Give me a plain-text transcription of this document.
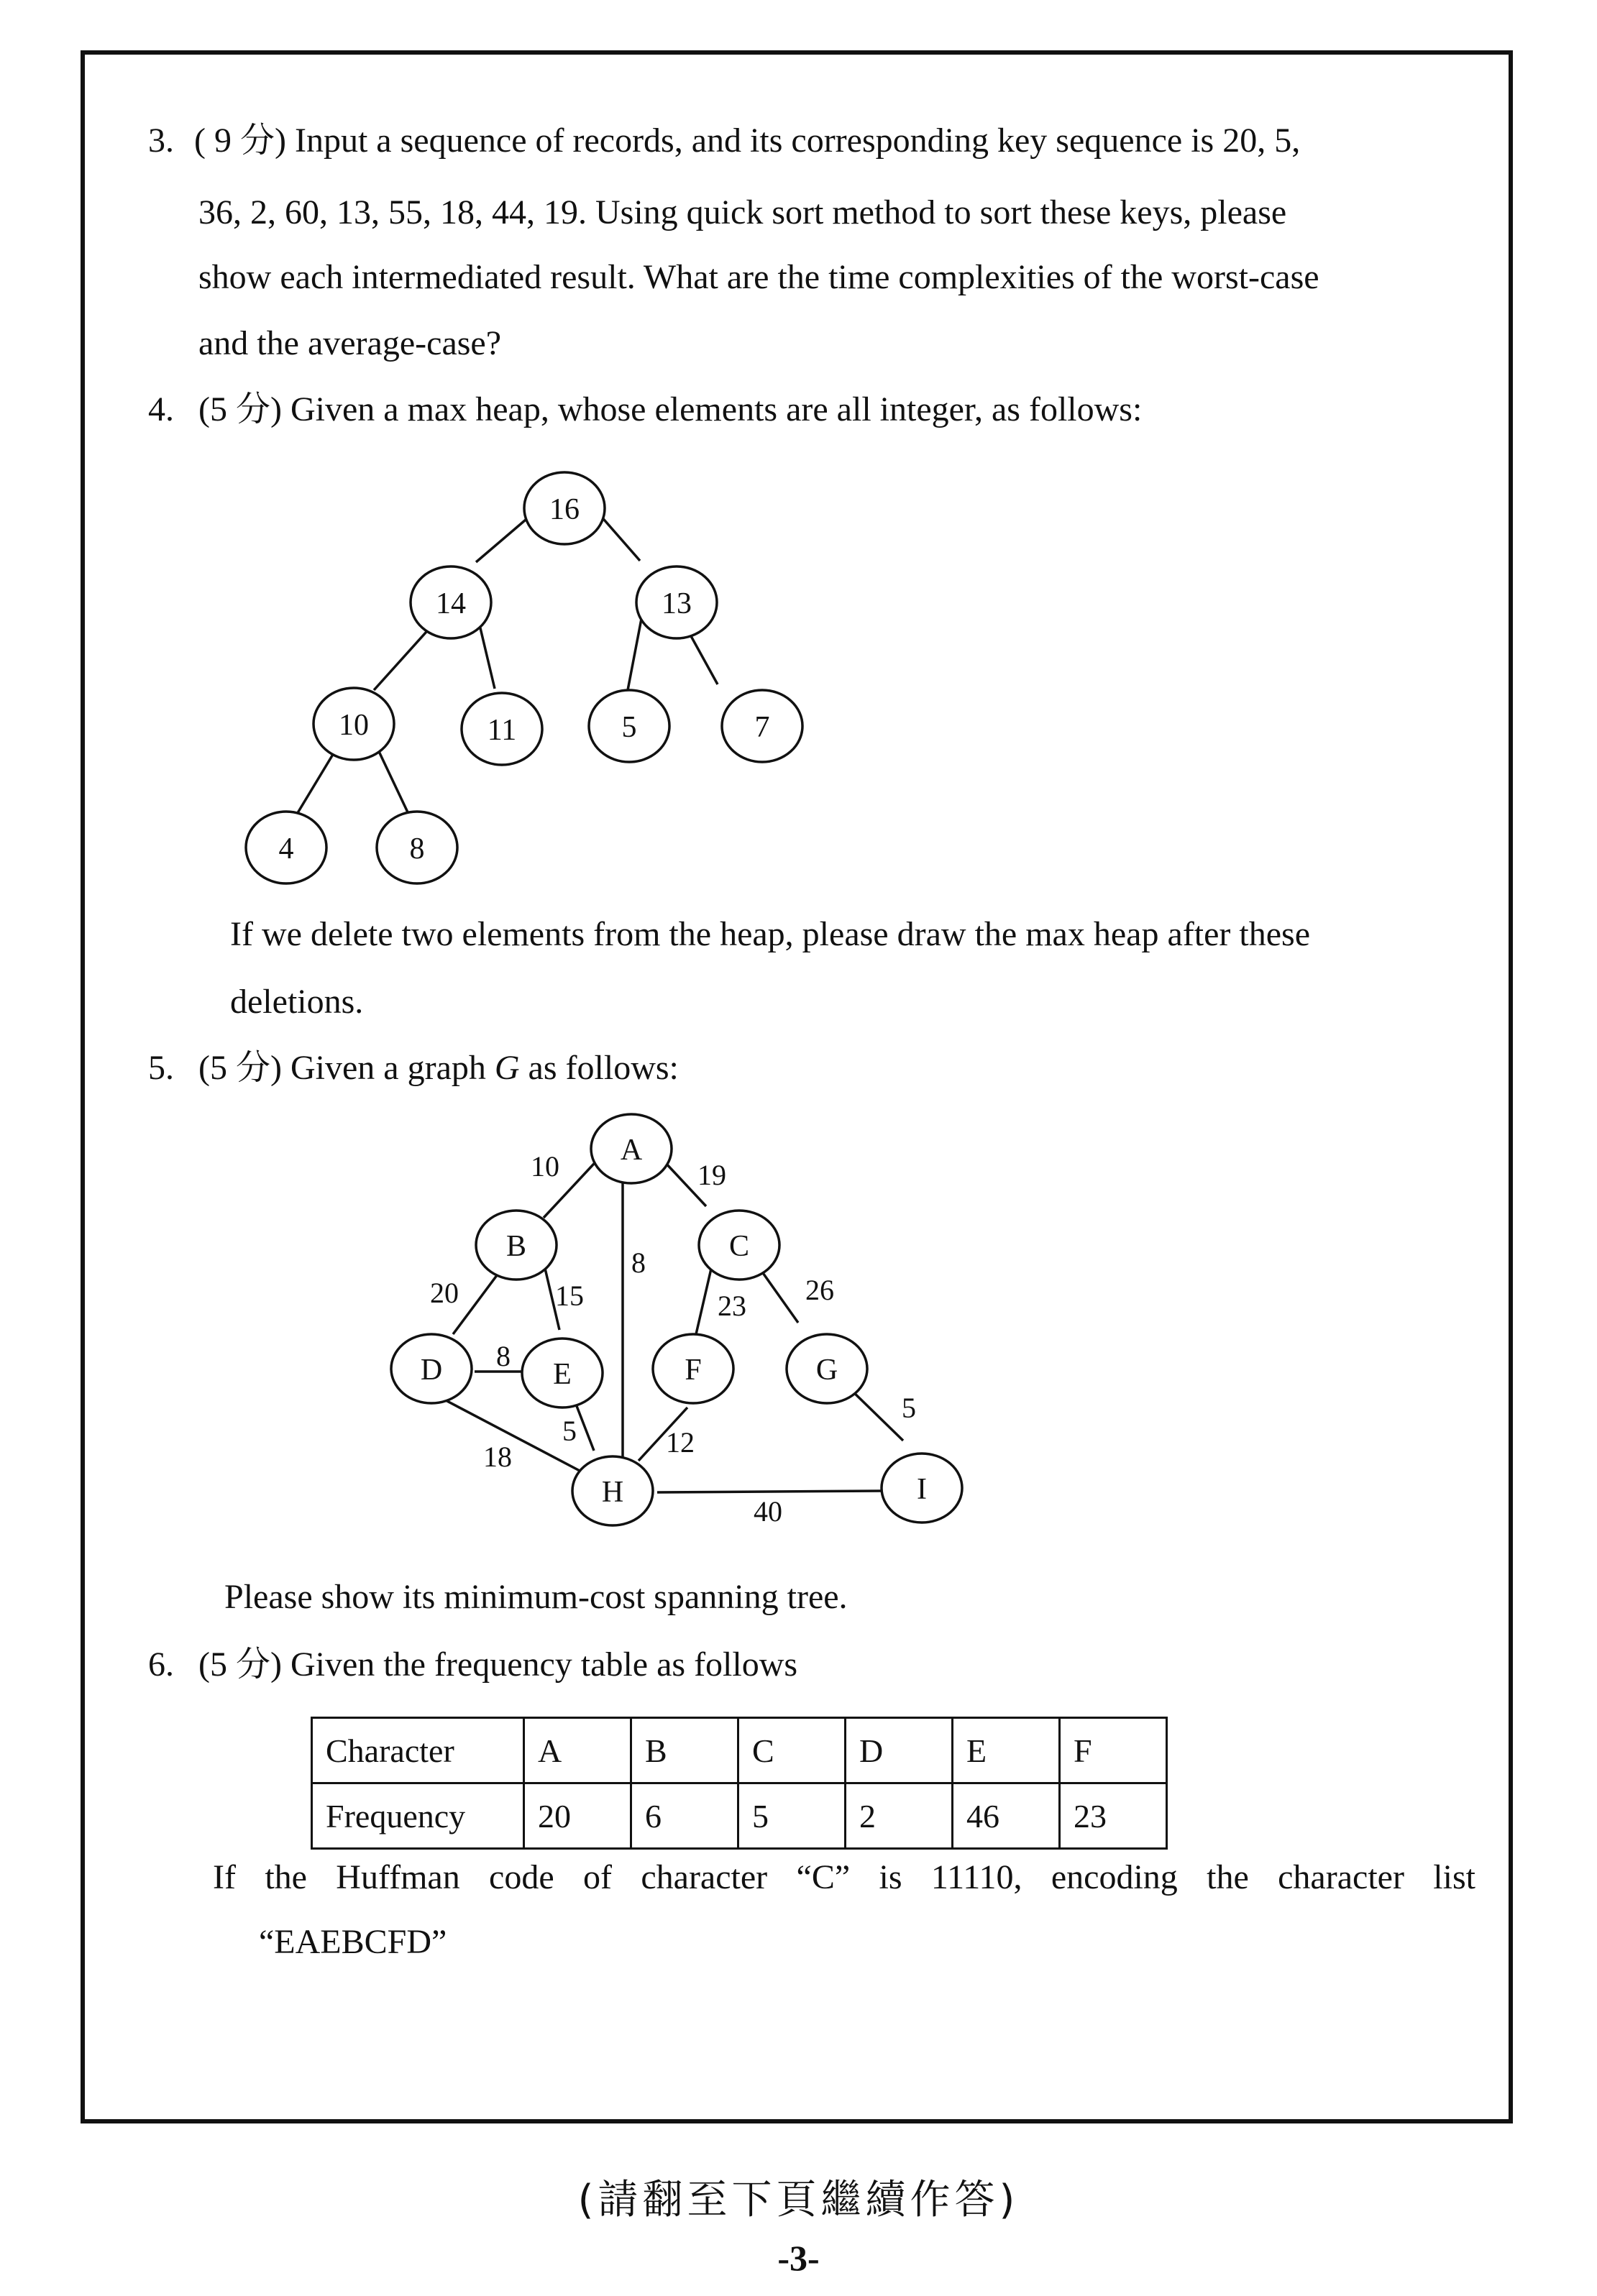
3. ( 9 分) Input a sequence of records, and its corresponding key sequence is 20, 5,
36, 2, 60, 13, 55, 18, 44, 19. Using quick sort method to sort these keys, please
show each intermediated result. What are the time complexities of the worst-case
and the average-case?
4. (5 分) Given a max heap, whose elements are all integer, as follows:
16
14	13
10	11	5	7
4	8
If we delete two elements from the heap, please draw the max heap after these
deletions.
5. (5 分) Given a graph G as follows:
A
B	C
D	E	F	G
H	I
10	19
8
20	15
8
23 26
5
5
18	12
40
Please show its minimum-cost spanning tree.
6. (5 分) Given the frequency table as follows
Character	A	B	C	D	E	F
Frequency	20	6	5	2	46	23
If the Huffman code of character “C” is 11110, encoding the character list
“EAEBCFD”
(請翻至下頁繼續作答)
-3-
